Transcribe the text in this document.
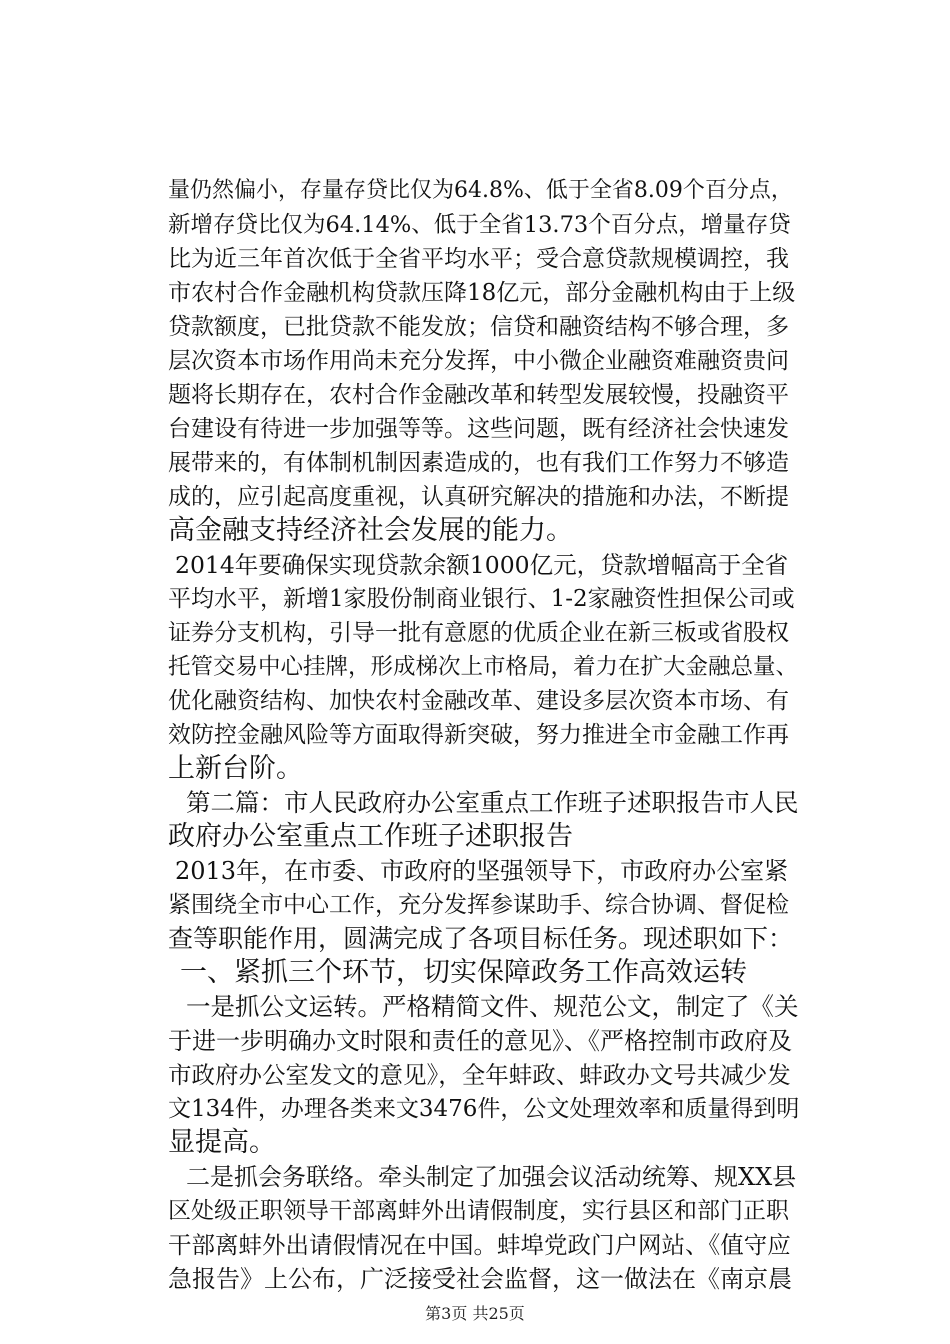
量仍然偏小，存量存贷比仅为64.8%、低于全省8.09个百分点，
新增存贷比仅为64.14%、低于全省13.73个百分点，增量存贷
比为近三年首次低于全省平均水平；受合意贷款规模调控，我
市农村合作金融机构贷款压降18亿元，部分金融机构由于上级
贷款额度，已批贷款不能发放；信贷和融资结构不够合理，多
层次资本市场作用尚未充分发挥，中小微企业融资难融资贵问
题将长期存在，农村合作金融改革和转型发展较慢，投融资平
台建设有待进一步加强等等。这些问题，既有经济社会快速发
展带来的，有体制机制因素造成的，也有我们工作努力不够造
成的，应引起高度重视，认真研究解决的措施和办法，不断提
高金融支持经济社会发展的能力。
2014年要确保实现贷款余额1000亿元，贷款增幅高于全省
平均水平，新增1家股份制商业银行、1-2家融资性担保公司或
证券分支机构，引导一批有意愿的优质企业在新三板或省股权
托管交易中心挂牌，形成梯次上市格局，着力在扩大金融总量、
优化融资结构、加快农村金融改革、建设多层次资本市场、有
效防控金融风险等方面取得新突破，努力推进全市金融工作再
上新台阶。
第二篇：市人民政府办公室重点工作班子述职报告市人民
政府办公室重点工作班子述职报告
2013年，在市委、市政府的坚强领导下，市政府办公室紧
紧围绕全市中心工作，充分发挥参谋助手、综合协调、督促检
查等职能作用，圆满完成了各项目标任务。现述职如下：
一、紧抓三个环节，切实保障政务工作高效运转
一是抓公文运转。严格精简文件、规范公文，制定了《关
于进一步明确办文时限和责任的意见》、《严格控制市政府及
市政府办公室发文的意见》，全年蚌政、蚌政办文号共减少发
文134件，办理各类来文3476件，公文处理效率和质量得到明
显提高。
二是抓会务联络。牵头制定了加强会议活动统筹、规XX县
区处级正职领导干部离蚌外出请假制度，实行县区和部门正职
干部离蚌外出请假情况在中国。蚌埠党政门户网站、《值守应
急报告》上公布，广泛接受社会监督，这一做法在《南京晨
第3页 共25页
